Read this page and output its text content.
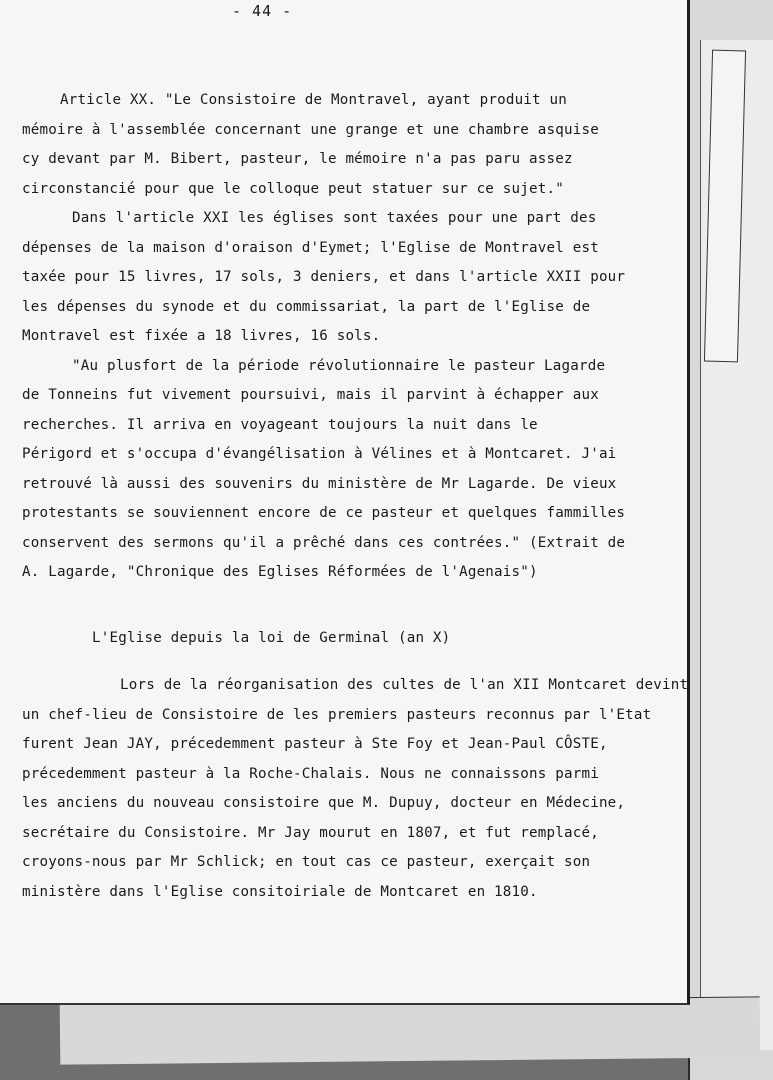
- 44 -
Article XX. "Le Consistoire de Montravel, ayant produit un
mémoire à l'assemblée concernant une grange et une chambre asquise
cy devant par M. Bibert, pasteur, le mémoire n'a pas paru assez
circonstancié pour que le colloque peut statuer sur ce sujet."
Dans l'article XXI les églises sont taxées pour une part des
dépenses de la maison d'oraison d'Eymet; l'Eglise de Montravel est
taxée pour 15 livres, 17 sols, 3 deniers, et dans l'article XXII pour
les dépenses du synode et du commissariat, la part de l'Eglise de
Montravel est fixée a 18 livres, 16 sols.
"Au plusfort de la période révolutionnaire le pasteur Lagarde
de Tonneins fut vivement poursuivi, mais il parvint à échapper aux
recherches. Il arriva en voyageant toujours la nuit dans le
Périgord et s'occupa d'évangélisation à Vélines et à Montcaret. J'ai
retrouvé là aussi des souvenirs du ministère de Mr Lagarde. De vieux
protestants se souviennent encore de ce pasteur et quelques fammilles
conservent des sermons qu'il a prêché dans ces contrées." (Extrait de
A. Lagarde, "Chronique des Eglises Réformées de l'Agenais")
L'Eglise depuis la loi de Germinal (an X)
Lors de la réorganisation des cultes de l'an XII Montcaret devint
un chef-lieu de Consistoire de les premiers pasteurs reconnus par l'Etat
furent Jean JAY, précedemment pasteur à Ste Foy et Jean-Paul CÔSTE,
précedemment pasteur à la Roche-Chalais. Nous ne connaissons parmi
les anciens du nouveau consistoire que M. Dupuy, docteur en Médecine,
secrétaire du Consistoire. Mr Jay mourut en 1807, et fut remplacé,
croyons-nous par Mr Schlick; en tout cas ce pasteur, exerçait son
ministère dans l'Eglise consitoiriale de Montcaret en 1810.
